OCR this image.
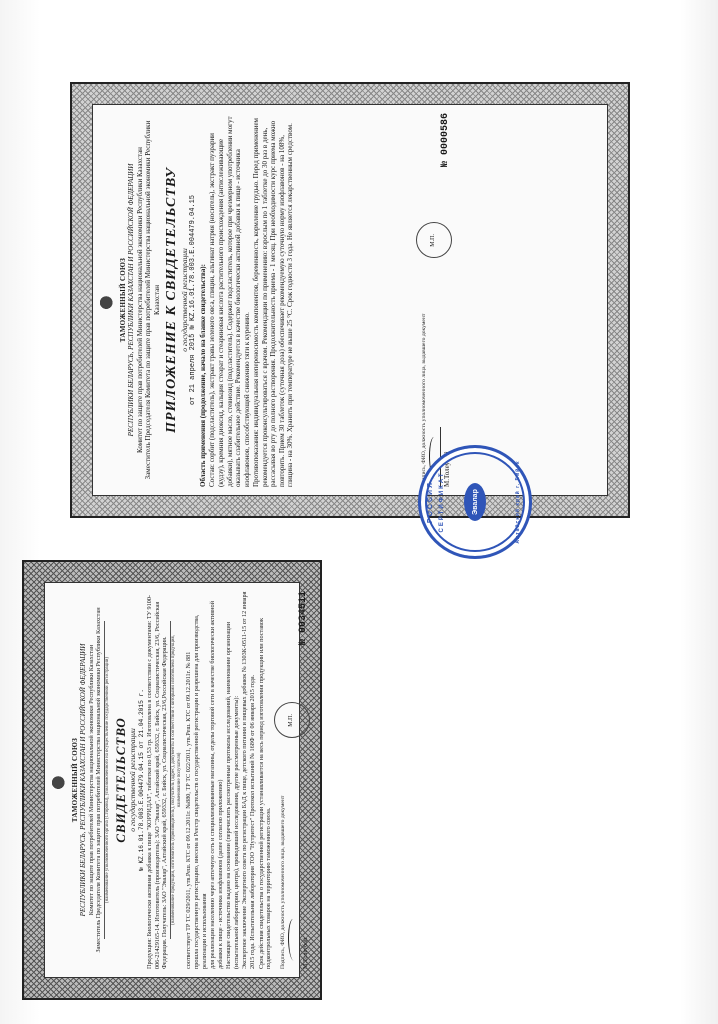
ТАМОЖЕННЫЙ СОЮЗ РЕСПУБЛИКИ БЕЛАРУСЬ, РЕСПУБЛИКИ КАЗАХСТАН И РОССИЙСКОЙ ФЕДЕРАЦИИ Комитет по защите прав потребителей Министерства национальной экономики Республики Казахстан Заместитель Председателя Комитета по защите прав потребителей Министерства национальной экономики Республики Казахстан (наименование уполномоченного органа (Стороны), уполномоченного на осуществление государственной регистрации) СВИДЕТЕЛЬСТВО о государственной регистрации № KZ.16.01.78.003.E.004479.04.15 от 21.04.2015 г.

Продукция: Биологически активная добавка к пище "КОРРИДАЗ", таблетки по 0,53 гр. Изготовлена в соответствии с документами: ТУ 9100-006-21429165-14. Изготовитель (производитель): ЗАО "Эвалар", Алтайский край, 659332, г. Бийск, ул. Социалистическая, 23/6, Российская Федерация. Получатель: ЗАО "Эвалар", Алтайский край, 659332, г. Бийск, ул. Социалистическая, 23/6,Российская Федерация. (наименование продукции, изготовитель (производитель), получатель (адрес), документы в соответствии с которыми изготовлена продукция, наименование получателя)

соответствует ТР ТС 029/2011, утв.Реш. КТС от 09.12.2011г. №880, ТР ТС 022/2011, утв.Реш. КТС от 09.12.2011г. № 881 прошла государственную регистрацию, внесена в Реестр свидетельств о государственной регистрации и разрешена для производства, реализации и использования для реализации населению через аптечную сеть и специализированные магазины, отделы торговой сети в качестве биологически активной добавки к пище - источника изофлавонов (далее согласно приложению) Настоящее свидетельство выдано на основании (перечислить рассмотренные протоколы исследований, наименование организации (испытательной лаборатории, центра), проводившей исследования, другие рассмотренные документы): Экспертное заключение Экспертного совета по регистрации БАД к пище, детского питания и пищевых добавок № 1303К-0511-15 от 12 января 2015 года. Испытательная лаборатория ТОО "Нутритест" Протокол испытаний № 168Ф от 06 января 2015 года. Срок действия свидетельства о государственной регистрации устанавливается на весь период изготовления продукции или поставок подконтрольных товаров на территорию таможенного союза. Подпись, ФИО, должность уполномоченного лица, выдавшего документ	М.Толеубай
М.П.
№ 0034511
ТАМОЖЕННЫЙ СОЮЗ РЕСПУБЛИКИ БЕЛАРУСЬ, РЕСПУБЛИКИ КАЗАХСТАН И РОССИЙСКОЙ ФЕДЕРАЦИИ Комитет по защите прав потребителей Министерства национальной экономики Республики Казахстан Заместитель Председателя Комитета по защите прав потребителей Министерства национальной экономики Республики Казахстан ПРИЛОЖЕНИЕ К СВИДЕТЕЛЬСТВУ о государственной регистрации от 21 апреля 2015 № KZ.16.01.78.003.E.004479.04.15 Область применения (продолжение, начало на бланке свидетельства): Состав: сорбит (подсластитель), экстракт травы зеленого овса, глицин, альгинат натрия (носитель), экстракт пуэрарии (кудзу), кремния диоксид, кальция стеарат и стеариновая кислота растительного происхождения (антислеживающие добавки), мятное масло, стевиозид (подсластитель). Содержит подсластитель, которое при чрезмерном употреблении могут оказывать слабительное действие. Рекомендуется в качестве биологически активной добавки к пище - источника изофлавонов, способствующей снижению тяги к курению. Противопоказания: индивидуальная непереносимость компонентов, беременность, кормление грудью. Перед применением рекомендуется проконсультироваться с врачом. Рекомендации по применению: взрослым по 1 таблетке до 30 раз в день, рассасывая во рту до полного растворения. Продолжительность приема - 1 месяц. При необходимости курс приема можно повторить. Прием 30 таблеток (суточная доза) обеспечивает рекомендуемую суточную норму изофлавонов - на 108%, глицина - на 30%. Хранить при температуре не выше 25 °С. Срок годности 3 года. Не является лекарственным средством.	Подпись, ФИО, должность уполномоченного лица, выдавшего документ М.Толеубай
М.П.
№ 0000586
РОССИЯ СЕРТИФИКАТ	Эвалар	Алтайский край г. Бийск
